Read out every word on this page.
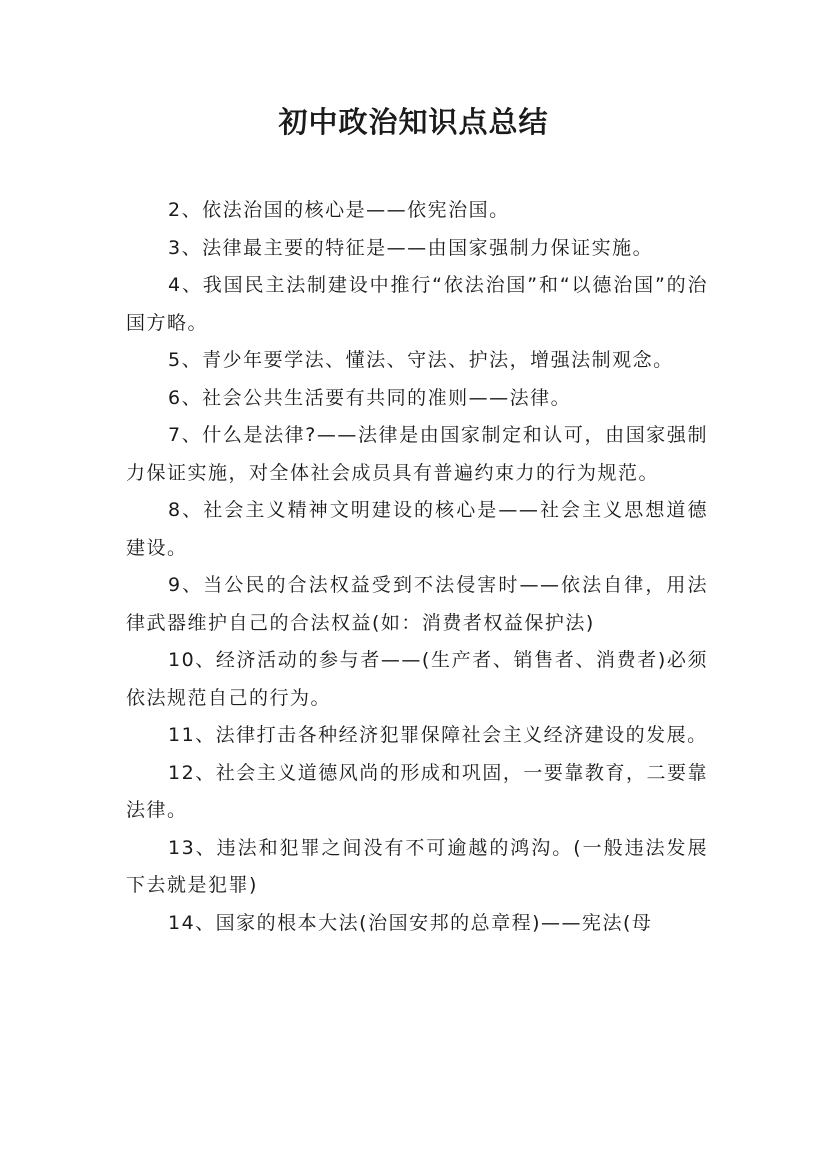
初中政治知识点总结

2、依法治国的核心是——依宪治国。

3、法律最主要的特征是——由国家强制力保证实施。

4、我国民主法制建设中推行“依法治国”和“以德治国”的治国方略。

5、青少年要学法、懂法、守法、护法，增强法制观念。

6、社会公共生活要有共同的准则——法律。

7、什么是法律?——法律是由国家制定和认可，由国家强制力保证实施，对全体社会成员具有普遍约束力的行为规范。

8、社会主义精神文明建设的核心是——社会主义思想道德建设。

9、当公民的合法权益受到不法侵害时——依法自律，用法律武器维护自己的合法权益(如：消费者权益保护法)

10、经济活动的参与者——(生产者、销售者、消费者)必须依法规范自己的行为。

11、法律打击各种经济犯罪保障社会主义经济建设的发展。

12、社会主义道德风尚的形成和巩固，一要靠教育，二要靠法律。

13、违法和犯罪之间没有不可逾越的鸿沟。(一般违法发展下去就是犯罪)

14、国家的根本大法(治国安邦的总章程)——宪法(母
